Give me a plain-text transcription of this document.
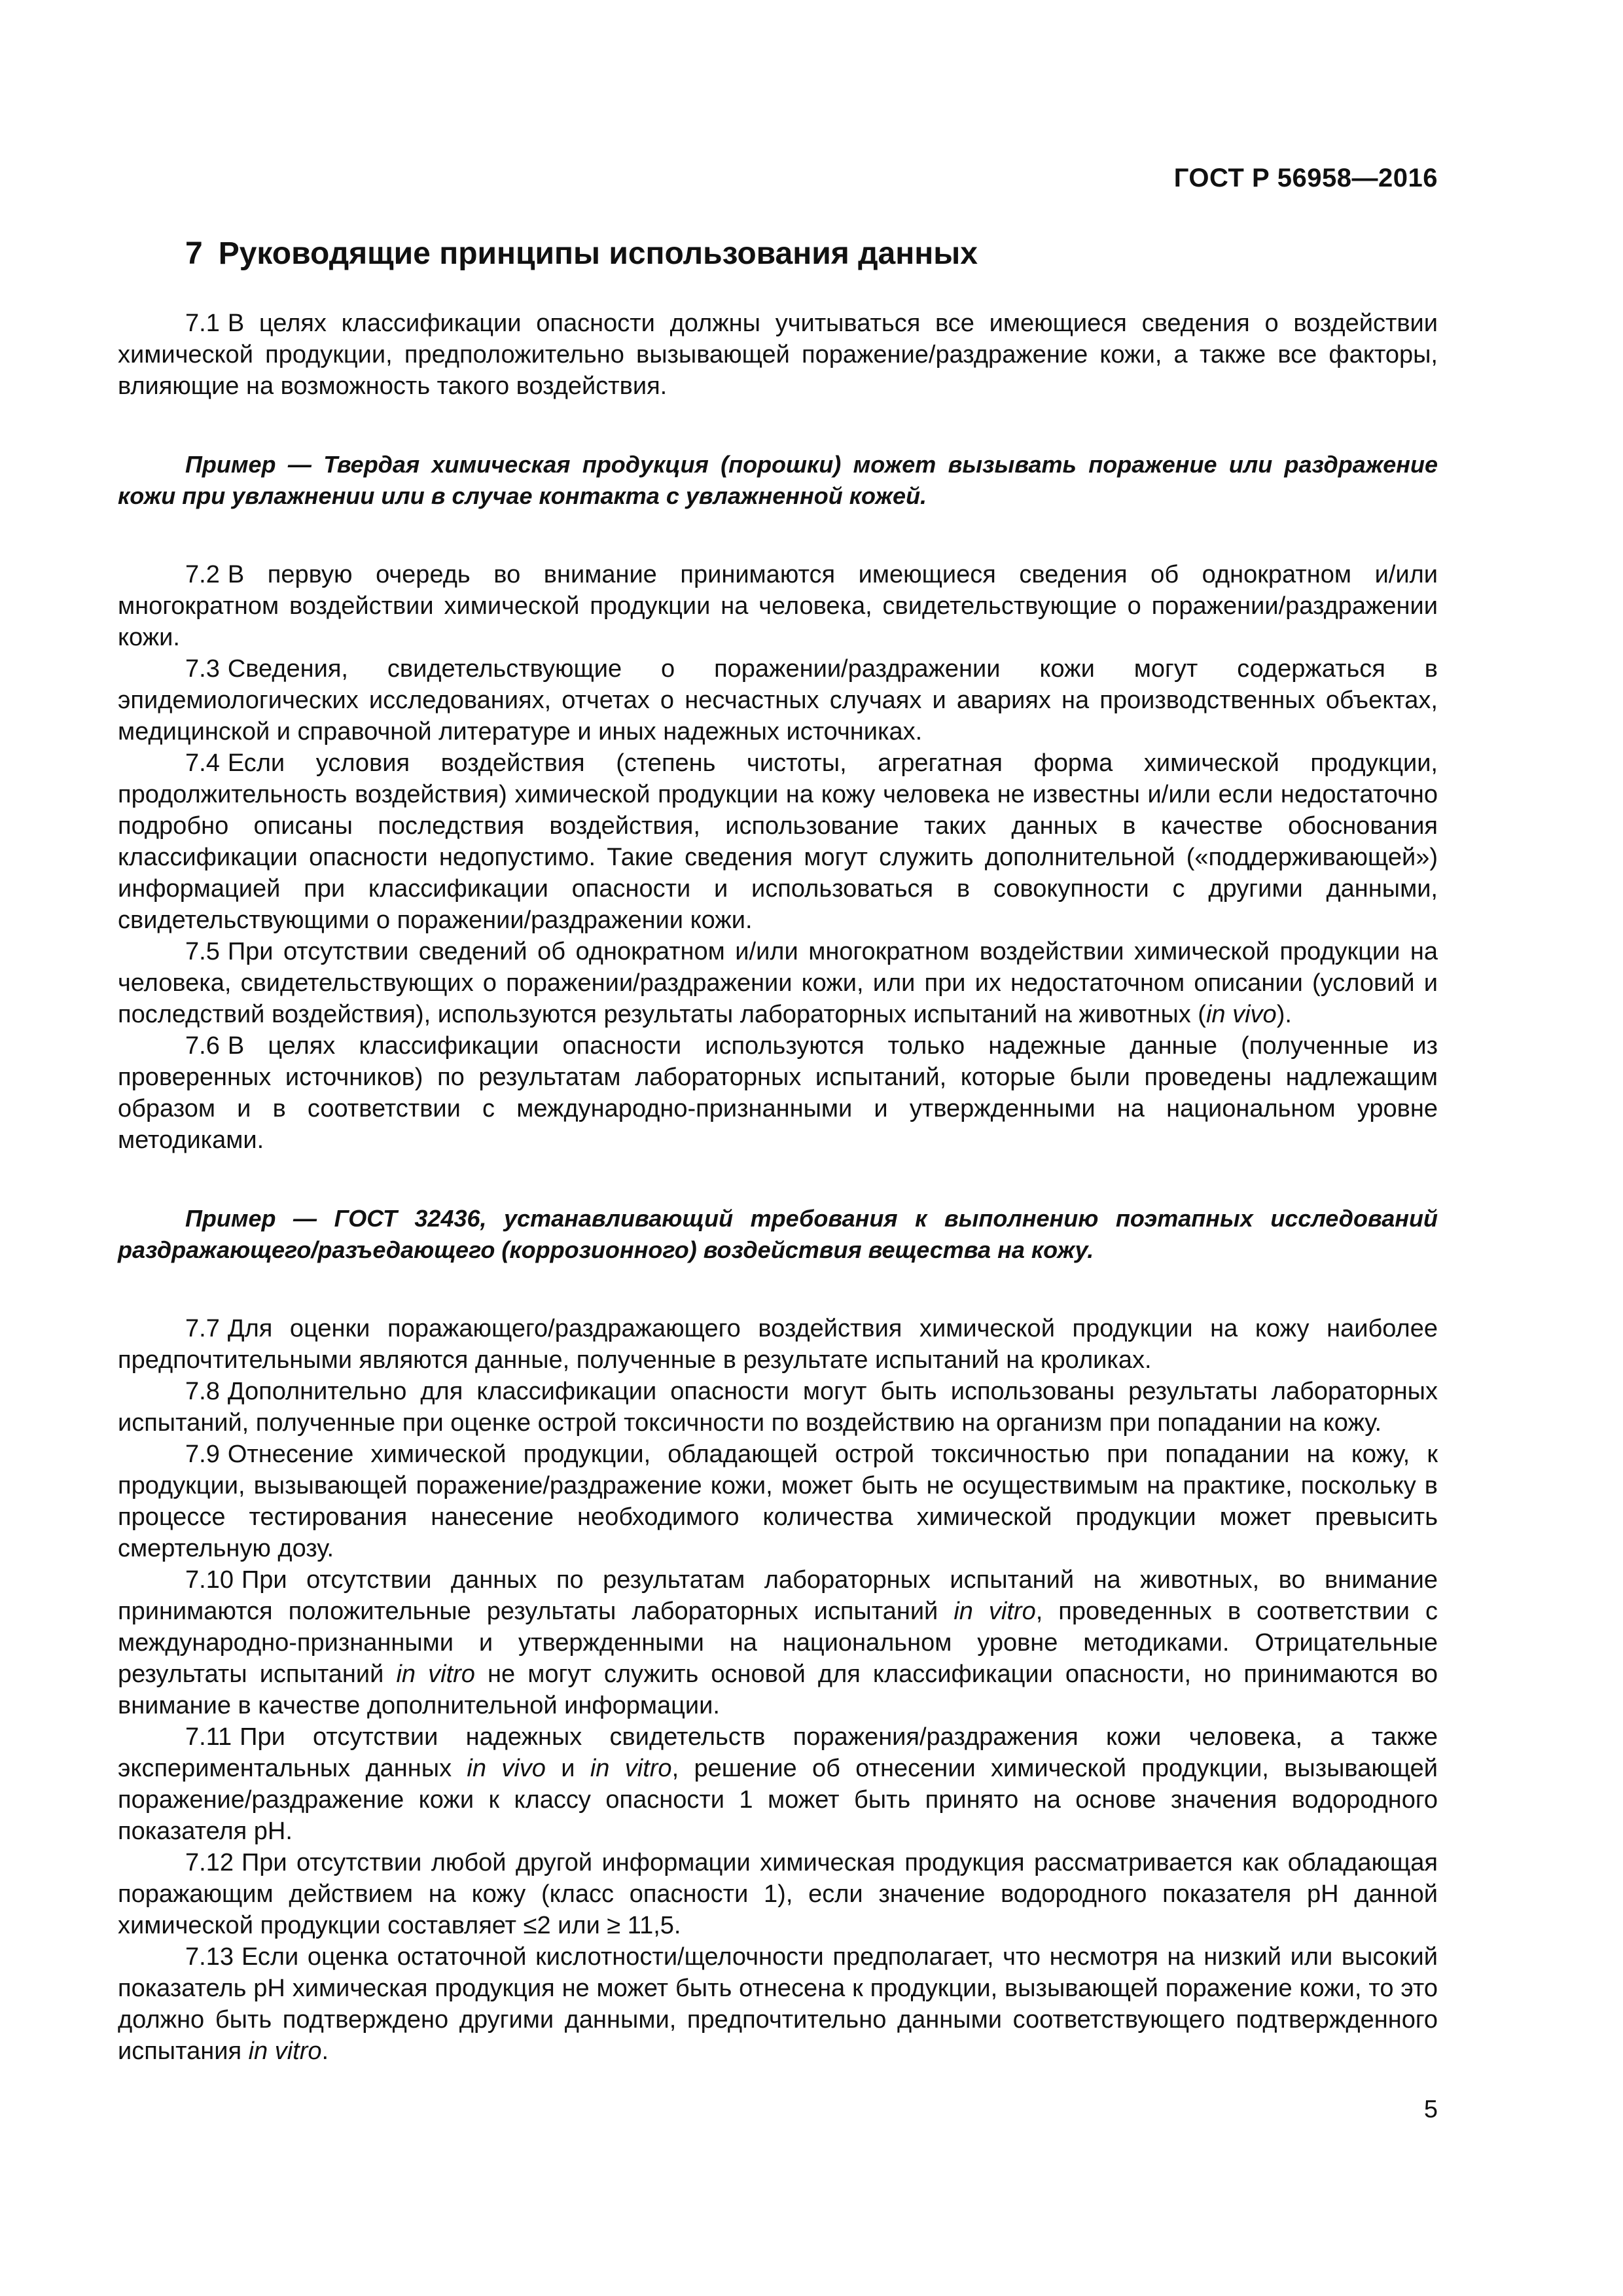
ГОСТ Р 56958—2016
7 Руководящие принципы использования данных

7.1 В целях классификации опасности должны учитываться все имеющиеся сведения о воздействии химической продукции, предположительно вызывающей поражение/раздражение кожи, а также все факторы, влияющие на возможность такого воздействия.

Пример — Твердая химическая продукция (порошки) может вызывать поражение или раздражение кожи при увлажнении или в случае контакта с увлажненной кожей.

7.2 В первую очередь во внимание принимаются имеющиеся сведения об однократном и/или многократном воздействии химической продукции на человека, свидетельствующие о поражении/раздражении кожи.

7.3 Сведения, свидетельствующие о поражении/раздражении кожи могут содержаться в эпидемиологических исследованиях, отчетах о несчастных случаях и авариях на производственных объектах, медицинской и справочной литературе и иных надежных источниках.

7.4 Если условия воздействия (степень чистоты, агрегатная форма химической продукции, продолжительность воздействия) химической продукции на кожу человека не известны и/или если недостаточно подробно описаны последствия воздействия, использование таких данных в качестве обоснования классификации опасности недопустимо. Такие сведения могут служить дополнительной («поддерживающей») информацией при классификации опасности и использоваться в совокупности с другими данными, свидетельствующими о поражении/раздражении кожи.

7.5 При отсутствии сведений об однократном и/или многократном воздействии химической продукции на человека, свидетельствующих о поражении/раздражении кожи, или при их недостаточном описании (условий и последствий воздействия), используются результаты лабораторных испытаний на животных (in vivo).

7.6 В целях классификации опасности используются только надежные данные (полученные из проверенных источников) по результатам лабораторных испытаний, которые были проведены надлежащим образом и в соответствии с международно-признанными и утвержденными на национальном уровне методиками.

Пример — ГОСТ 32436, устанавливающий требования к выполнению поэтапных исследований раздражающего/разъедающего (коррозионного) воздействия вещества на кожу.

7.7 Для оценки поражающего/раздражающего воздействия химической продукции на кожу наиболее предпочтительными являются данные, полученные в результате испытаний на кроликах.

7.8 Дополнительно для классификации опасности могут быть использованы результаты лабораторных испытаний, полученные при оценке острой токсичности по воздействию на организм при попадании на кожу.

7.9 Отнесение химической продукции, обладающей острой токсичностью при попадании на кожу, к продукции, вызывающей поражение/раздражение кожи, может быть не осуществимым на практике, поскольку в процессе тестирования нанесение необходимого количества химической продукции может превысить смертельную дозу.

7.10 При отсутствии данных по результатам лабораторных испытаний на животных, во внимание принимаются положительные результаты лабораторных испытаний in vitro, проведенных в соответствии с международно-признанными и утвержденными на национальном уровне методиками. Отрицательные результаты испытаний in vitro не могут служить основой для классификации опасности, но принимаются во внимание в качестве дополнительной информации.

7.11 При отсутствии надежных свидетельств поражения/раздражения кожи человека, а также экспериментальных данных in vivo и in vitro, решение об отнесении химической продукции, вызывающей поражение/раздражение кожи к классу опасности 1 может быть принято на основе значения водородного показателя pH.

7.12 При отсутствии любой другой информации химическая продукция рассматривается как обладающая поражающим действием на кожу (класс опасности 1), если значение водородного показателя pH данной химической продукции составляет ≤2 или ≥ 11,5.

7.13 Если оценка остаточной кислотности/щелочности предполагает, что несмотря на низкий или высокий показатель pH химическая продукция не может быть отнесена к продукции, вызывающей поражение кожи, то это должно быть подтверждено другими данными, предпочтительно данными соответствующего подтвержденного испытания in vitro.

5
